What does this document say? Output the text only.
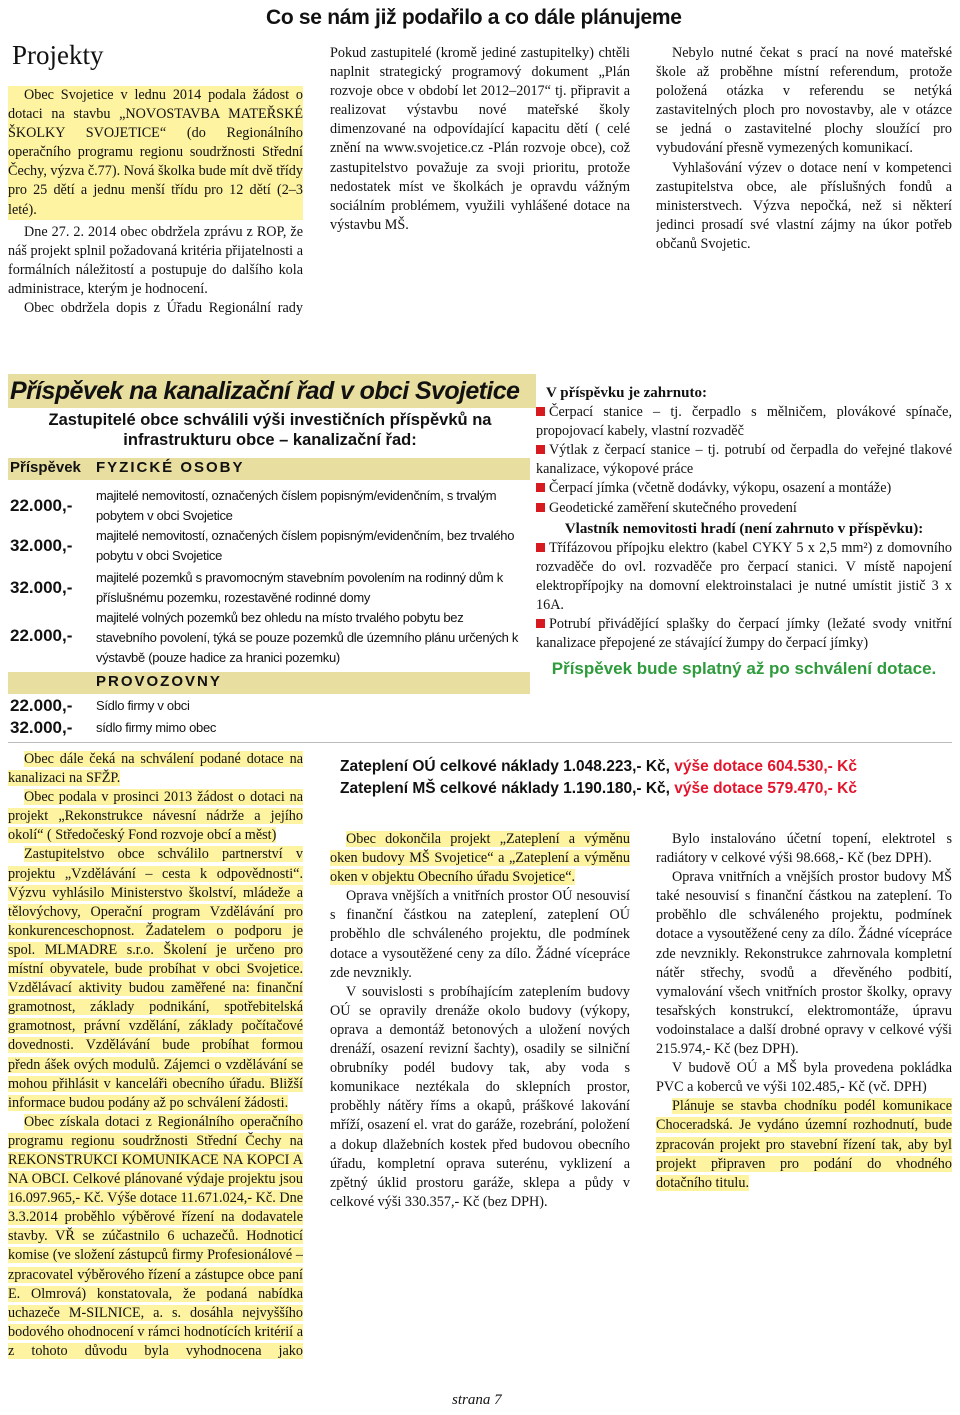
Co se nám již podařilo a co dále plánujeme
Projekty

Obec Svojetice v lednu 2014 podala žádost o dotaci na stavbu „NOVOSTAVBA MATEŘSKÉ ŠKOLKY SVOJETICE“ (do Regionálního operačního programu regionu soudržnosti Střední Čechy, výzva č.77). Nová školka bude mít dvě třídy pro 25 dětí a jednu menší třídu pro 12 dětí (2–3 leté).

Dne 27. 2. 2014 obec obdržela zprávu z ROP, že náš projekt splnil požadovaná kritéria přijatelnosti a formálních náležitostí a postupuje do dalšího kola administrace, kterým je hodnocení.

Obec obdržela dopis z Úřadu Regionální rady

Pokud zastupitelé (kromě jediné zastupitelky) chtěli naplnit strategický programový dokument „Plán rozvoje obce v období let 2012–2017“ tj. připravit a realizovat výstavbu nové mateřské školy dimenzované na odpovídající kapacitu dětí ( celé znění na www.svojetice.cz -Plán rozvoje obce), což zastupitelstvo považuje za svoji prioritu, protože nedostatek míst ve školkách je opravdu vážným sociálním problémem, využili vyhlášené dotace na výstavbu MŠ.

Nebylo nutné čekat s prací na nové mateřské škole až proběhne místní referendum, protože položená otázka v referendu se netýká zastavitelných ploch pro novostavby, ale v otázce se jedná o zastavitelné plochy sloužící pro vybudování přesně vymezených komunikací.

Vyhlašování výzev o dotace není v kompetenci zastupitelstva obce, ale příslušných fondů a ministerstvech. Výzva nepočká, než si některí jedinci prosadí své vlastní zájmy na úkor potřeb občanů Svojetic.

Příspěvek na kanalizační řad v obci Svojetice
Zastupitelé obce schválili výši investičních příspěvků na infrastrukturu obce – kanalizační řad:
Příspěvek FYZICKÉ OSOBY
22.000,-
majitelé nemovitostí, označených číslem popisným/evidenčním, s trvalým pobytem v obci Svojetice
32.000,-
majitelé nemovitostí, označených číslem popisným/evidenčním, bez trvalého pobytu v obci Svojetice
32.000,-
majitelé pozemků s pravomocným stavebním povolením na rodinný dům k příslušnému pozemku, rozestavěné rodinné domy
22.000,-
majitelé volných pozemků bez ohledu na místo trvalého pobytu bez stavebního povolení, týká se pouze pozemků dle územního plánu určených k výstavbě (pouze hadice za hranici pozemku)
PROVOZOVNY
22.000,- Sídlo firmy v obci
32.000,- sídlo firmy mimo obec
V příspěvku je zahrnuto:

Čerpací stanice – tj. čerpadlo s mělničem, plovákové spínače, propojovací kabely, vlastní rozvaděč

Výtlak z čerpací stanice – tj. potrubí od čerpadla do veřejné tlakové kanalizace, výkopové práce

Čerpací jímka (včetně dodávky, výkopu, osazení a montáže)

Geodetické zaměření skutečného provedení

Vlastník nemovitosti hradí (není zahrnuto v příspěvku):

Třífázovou přípojku elektro (kabel CYKY 5 x 2,5 mm²) z domovního rozvaděče do ovl. rozvaděče pro čerpací stanici. V místě napojení elektropřípojky na domovní elektroinstalaci je nutné umístit jistič 3 x 16A.

Potrubí přivádějící splašky do čerpací jímky (ležaté svody vnitřní kanalizace přepojené ze stávající žumpy do čerpací jímky)

Příspěvek bude splatný až po schválení dotace.

Obec dále čeká na schválení podané dotace na kanalizaci na SFŽP.

Obec podala v prosinci 2013 žádost o dotaci na projekt „Rekonstrukce návesní nádrže a jejího okolí“ ( Středočeský Fond rozvoje obcí a měst)

Zastupitelstvo obce schválilo partnerství v projektu „Vzdělávání – cesta k odpovědnosti“. Výzvu vyhlásilo Ministerstvo školství, mládeže a tělovýchovy, Operační program Vzdělávání pro konkurenceschopnost. Žadatelem o podporu je spol. MLMADRE s.r.o. Školení je určeno pro místní obyvatele, bude probíhat v obci Svojetice. Vzdělávací aktivity budou zaměřené na: finanční gramotnost, základy podnikání, spotřebitelská gramotnost, právní vzdělání, základy počítačové dovednosti. Vzdělávání bude probíhat formou předn ášek ových modulů. Zájemci o vzdělávání se mohou přihlásit v kanceláři obecního úřadu. Bližší informace budou podány až po schválení žádosti.

Obec získala dotaci z Regionálního operačního programu regionu soudržnosti Střední Čechy na REKONSTRUKCI KOMUNIKACE NA KOPCI A NA OBCI. Celkové plánované výdaje projektu jsou 16.097.965,- Kč. Výše dotace 11.671.024,- Kč. Dne 3.3.2014 proběhlo výběrové řízení na dodavatele stavby. VŘ se zúčastnilo 6 uchazečů. Hodnoticí komise (ve složení zástupců firmy Profesionálové – zpracovatel výběrového řízení a zástupce obce paní E. Olmrová) konstatovala, že podaná nabídka uchazeče M-SILNICE, a. s. dosáhla nejvyššího bodového ohodnocení v rámci hodnotících kritérií a z tohoto důvodu byla vyhodnocena jako

Zateplení OÚ celkové náklady 1.048.223,- Kč, výše dotace 604.530,- Kč
Zateplení MŠ celkové náklady 1.190.180,- Kč, výše dotace 579.470,- Kč

Obec dokončila projekt „Zateplení a výměnu oken budovy MŠ Svojetice“ a „Zateplení a výměnu oken v objektu Obecního úřadu Svojetice“.

Oprava vnějších a vnitřních prostor OÚ nesouvisí s finanční částkou na zateplení, zateplení OÚ proběhlo dle schváleného projektu, dle podmínek dotace a vysoutěžené ceny za dílo. Žádné vícepráce zde nevznikly.

V souvislosti s probíhajícím zateplením budovy OÚ se opravily drenáže okolo budovy (výkopy, oprava a demontáž betonových a uložení nových drenáží, osazení revizní šachty), osadily se silniční obrubníky podél budovy tak, aby voda s komunikace neztékala do sklepních prostor, proběhly nátěry říms a okapů, práškové lakování mříží, osazení el. vrat do garáže, rozebrání, položení a dokup dlažebních kostek před budovou obecního úřadu, kompletní oprava suterénu, vyklizení a zpětný úklid prostoru garáže, sklepa a půdy v celkové výši 330.357,- Kč (bez DPH).

Bylo instalováno účetní topení, elektrotel s radiátory v celkové výši 98.668,- Kč (bez DPH).

Oprava vnitřních a vnějších prostor budovy MŠ také nesouvisí s finanční částkou na zateplení. To proběhlo dle schváleného projektu, podmínek dotace a vysoutěžené ceny za dílo. Žádné vícepráce zde nevznikly. Rekonstrukce zahrnovala kompletní nátěr střechy, svodů a dřevěného podbití, vymalování všech vnitřních prostor školky, opravy tesařských konstrukcí, elektromontáže, úpravu vodoinstalace a další drobné opravy v celkové výši 215.974,- Kč (bez DPH).

V budově OÚ a MŠ byla provedena pokládka PVC a koberců ve výši 102.485,- Kč (vč. DPH)

Plánuje se stavba chodníku podél komunikace Choceradská. Je vydáno územní rozhodnutí, bude zpracován projekt pro stavební řízení tak, aby byl projekt připraven pro podání do vhodného dotačního titulu.

strana 7
